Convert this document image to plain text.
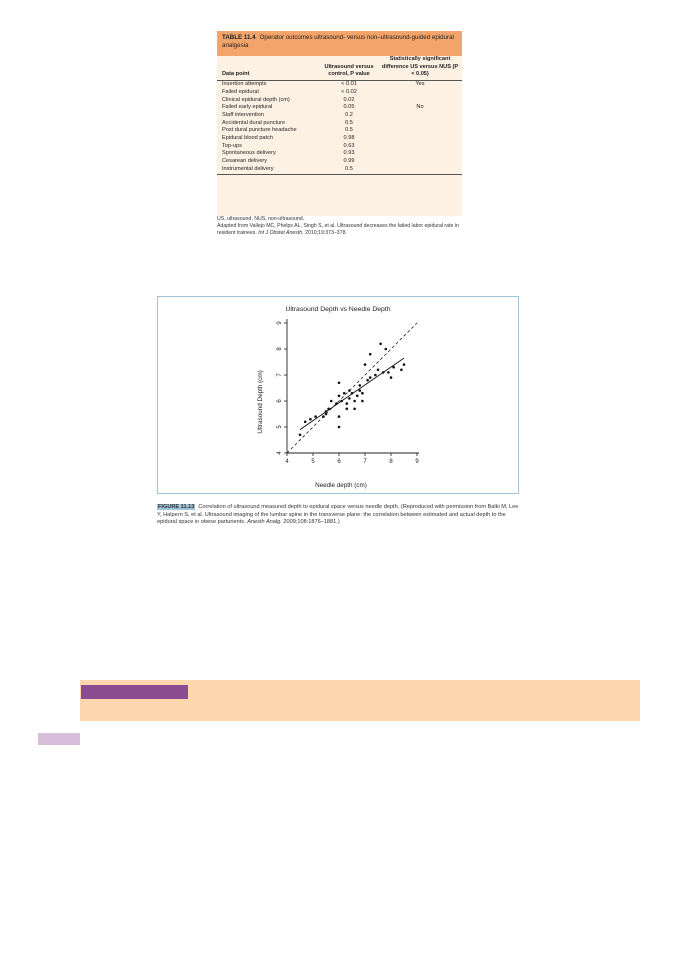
TABLE 11.4 Operator outcomes ultrasound- versus non–ultrasound-guided epidural analgesia
Data point	Ultrasound versus control, P value	Statistically significant difference US versus NUS (P < 0.05)
Insertion attempts	< 0.01	Yes
Failed epidural	< 0.02	
Clinical epidural depth (cm)	0.02	
Failed early epidural	0.05	No
Staff intervention	0.2	
Accidental dural puncture	0.5	
Post dural puncture headache	0.5	
Epidural blood patch	0.98	
Top-ups	0.63	
Spontaneous delivery	0.93	
Cesarean delivery	0.99	
Instrumental delivery	0.5	
US, ultrasound; NUS, non-ultrasound.
Adapted from Vallejo MC, Phelps AL, Singh S, et al. Ultrasound decreases the failed labor epidural rate in resident trainees. Int J Obstet Anesth. 2010;19:373–378.
Ultrasound Depth vs Needle Depth
Needle depth (cm)
Ultrasound Depth (cm)
4	5	6	7	8	9
4
5
6
7
8
9
FIGURE 11.13 Correlation of ultrasound measured depth to epidural space versus needle depth. (Reproduced with permission from Balki M, Lee Y, Halpern S, et al. Ultrasound imaging of the lumbar spine in the transverse plane: the correlation between estimated and actual depth to the epidural space in obese parturients. Anesth Analg. 2009;108:1876–1881.)
